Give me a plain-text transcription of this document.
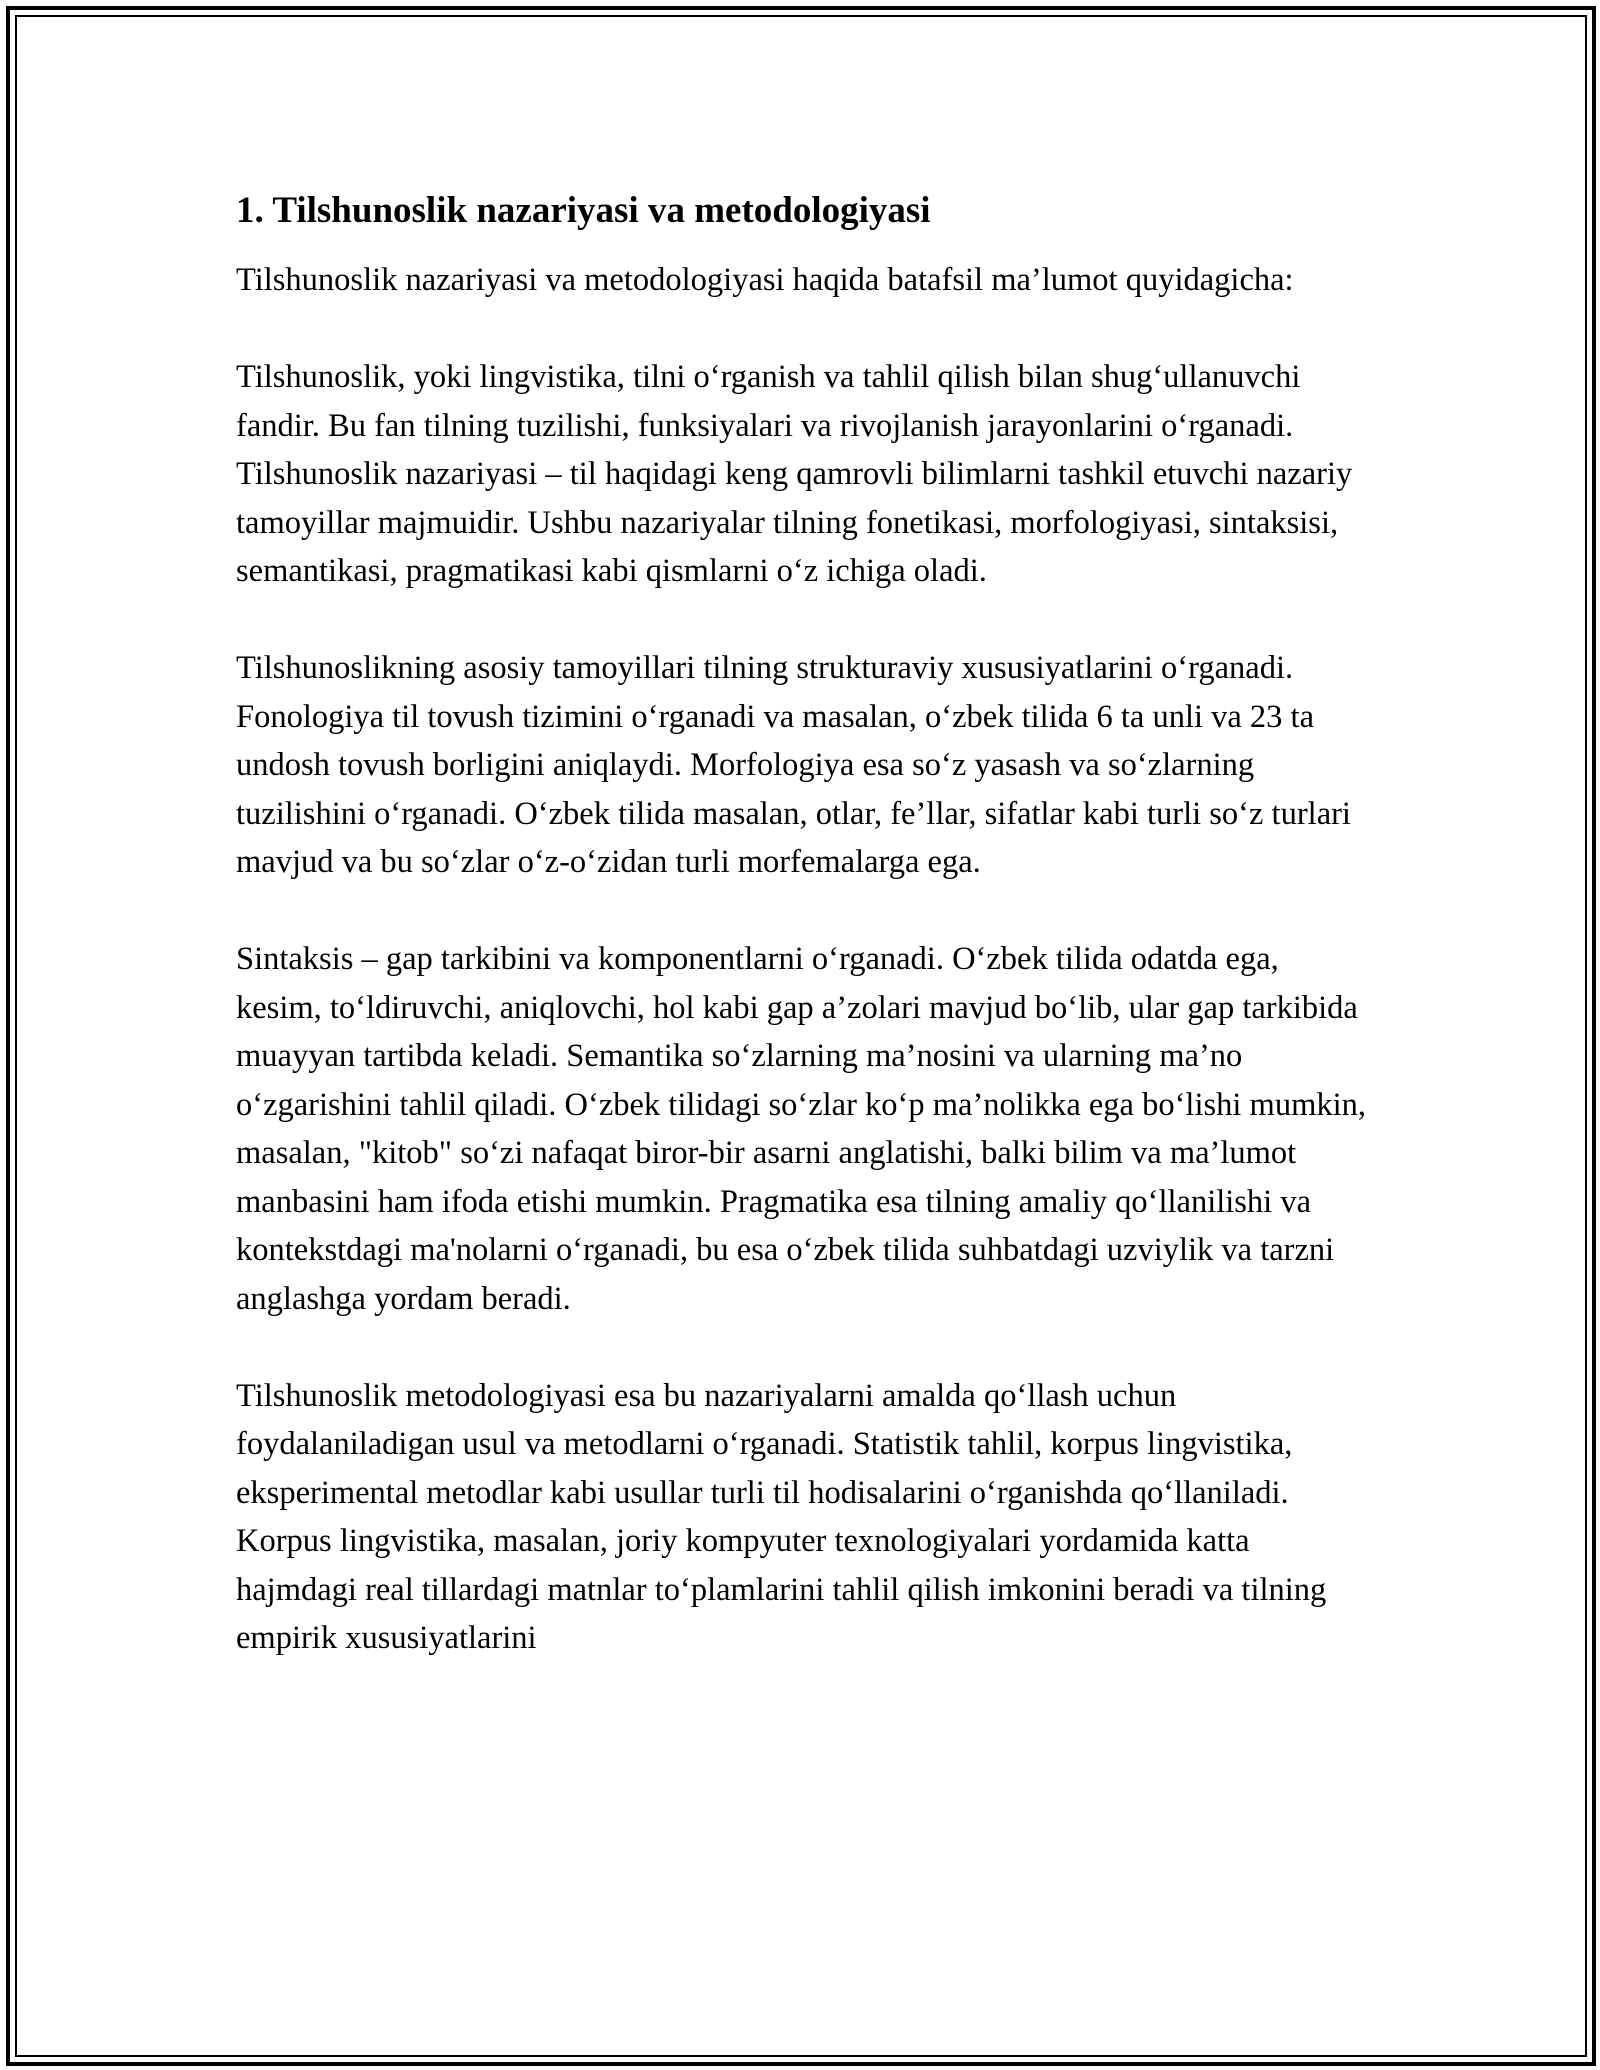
1. Tilshunoslik nazariyasi va metodologiyasi

Tilshunoslik nazariyasi va metodologiyasi haqida batafsil ma’lumot quyidagicha:

Tilshunoslik, yoki lingvistika, tilni o‘rganish va tahlil qilish bilan shug‘ullanuvchi fandir. Bu fan tilning tuzilishi, funksiyalari va rivojlanish jarayonlarini o‘rganadi. Tilshunoslik nazariyasi – til haqidagi keng qamrovli bilimlarni tashkil etuvchi nazariy tamoyillar majmuidir. Ushbu nazariyalar tilning fonetikasi, morfologiyasi, sintaksisi, semantikasi, pragmatikasi kabi qismlarni o‘z ichiga oladi.

Tilshunoslikning asosiy tamoyillari tilning strukturaviy xususiyatlarini o‘rganadi. Fonologiya til tovush tizimini o‘rganadi va masalan, o‘zbek tilida 6 ta unli va 23 ta undosh tovush borligini aniqlaydi. Morfologiya esa so‘z yasash va so‘zlarning tuzilishini o‘rganadi. O‘zbek tilida masalan, otlar, fe’llar, sifatlar kabi turli so‘z turlari mavjud va bu so‘zlar o‘z-o‘zidan turli morfemalarga ega.

Sintaksis – gap tarkibini va komponentlarni o‘rganadi. O‘zbek tilida odatda ega, kesim, to‘ldiruvchi, aniqlovchi, hol kabi gap a’zolari mavjud bo‘lib, ular gap tarkibida muayyan tartibda keladi. Semantika so‘zlarning ma’nosini va ularning ma’no o‘zgarishini tahlil qiladi. O‘zbek tilidagi so‘zlar ko‘p ma’nolikka ega bo‘lishi mumkin, masalan, "kitob" so‘zi nafaqat biror-bir asarni anglatishi, balki bilim va ma’lumot manbasini ham ifoda etishi mumkin. Pragmatika esa tilning amaliy qo‘llanilishi va kontekstdagi ma'nolarni o‘rganadi, bu esa o‘zbek tilida suhbatdagi uzviylik va tarzni anglashga yordam beradi.

Tilshunoslik metodologiyasi esa bu nazariyalarni amalda qo‘llash uchun foydalaniladigan usul va metodlarni o‘rganadi. Statistik tahlil, korpus lingvistika, eksperimental metodlar kabi usullar turli til hodisalarini o‘rganishda qo‘llaniladi. Korpus lingvistika, masalan, joriy kompyuter texnologiyalari yordamida katta hajmdagi real tillardagi matnlar to‘plamlarini tahlil qilish imkonini beradi va tilning empirik xususiyatlarini
